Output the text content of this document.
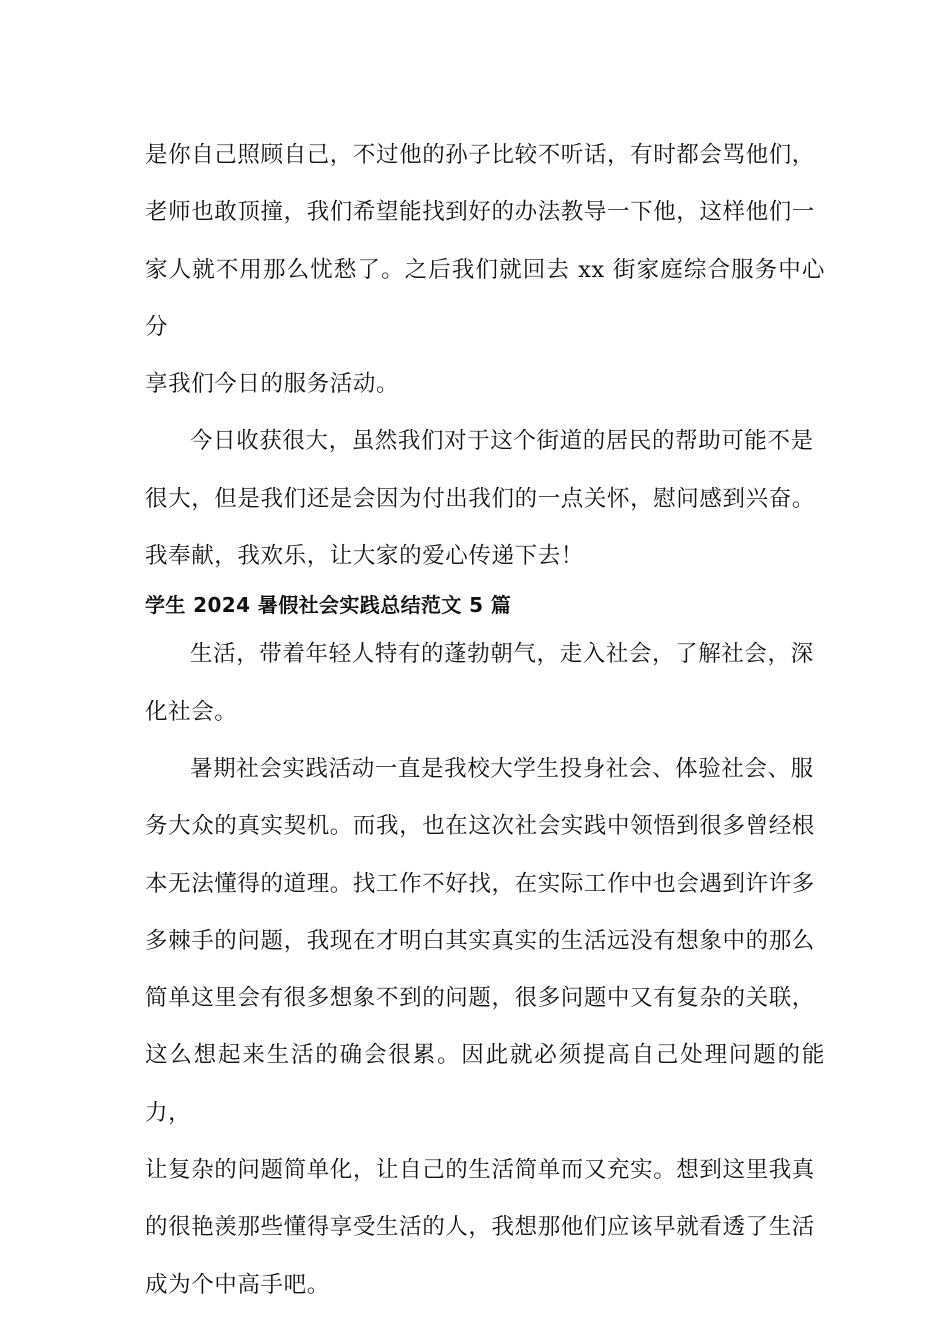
是你自己照顾自己，不过他的孙子比较不听话，有时都会骂他们，
老师也敢顶撞，我们希望能找到好的办法教导一下他，这样他们一
家人就不用那么忧愁了。之后我们就回去 xx 街家庭综合服务中心分
享我们今日的服务活动。

今日收获很大，虽然我们对于这个街道的居民的帮助可能不是
很大，但是我们还是会因为付出我们的一点关怀，慰问感到兴奋。
我奉献，我欢乐，让大家的爱心传递下去！

学生 2024 暑假社会实践总结范文 5 篇

生活，带着年轻人特有的蓬勃朝气，走入社会，了解社会，深
化社会。

暑期社会实践活动一直是我校大学生投身社会、体验社会、服
务大众的真实契机。而我，也在这次社会实践中领悟到很多曾经根
本无法懂得的道理。找工作不好找，在实际工作中也会遇到许许多
多棘手的问题，我现在才明白其实真实的生活远没有想象中的那么
简单这里会有很多想象不到的问题，很多问题中又有复杂的关联，
这么想起来生活的确会很累。因此就必须提高自己处理问题的能力，
让复杂的问题简单化，让自己的生活简单而又充实。想到这里我真
的很艳羡那些懂得享受生活的人，我想那他们应该早就看透了生活
成为个中高手吧。
